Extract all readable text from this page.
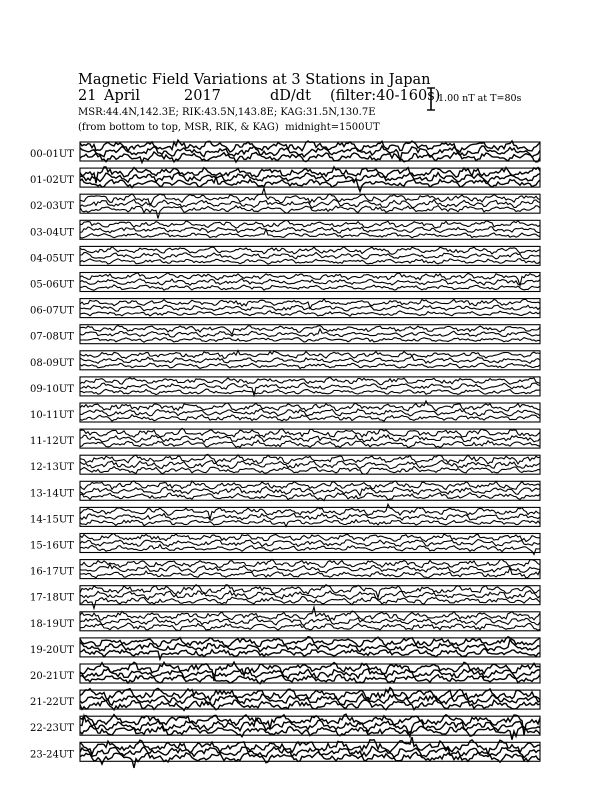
Magnetic Field Variations at 3 Stations in Japan
21 April	2017	dD/dt (filter:40-160s)
MSR:44.4N,142.3E; RIK:43.5N,143.8E; KAG:31.5N,130.7E
(from bottom to top, MSR, RIK, & KAG) midnight=1500UT
1.00 nT at T=80s
00-01UT
01-02UT
02-03UT
03-04UT
04-05UT
05-06UT
06-07UT
07-08UT
08-09UT
09-10UT
10-11UT
11-12UT
12-13UT
13-14UT
14-15UT
15-16UT
16-17UT
17-18UT
18-19UT
19-20UT
20-21UT
21-22UT
22-23UT
23-24UT
